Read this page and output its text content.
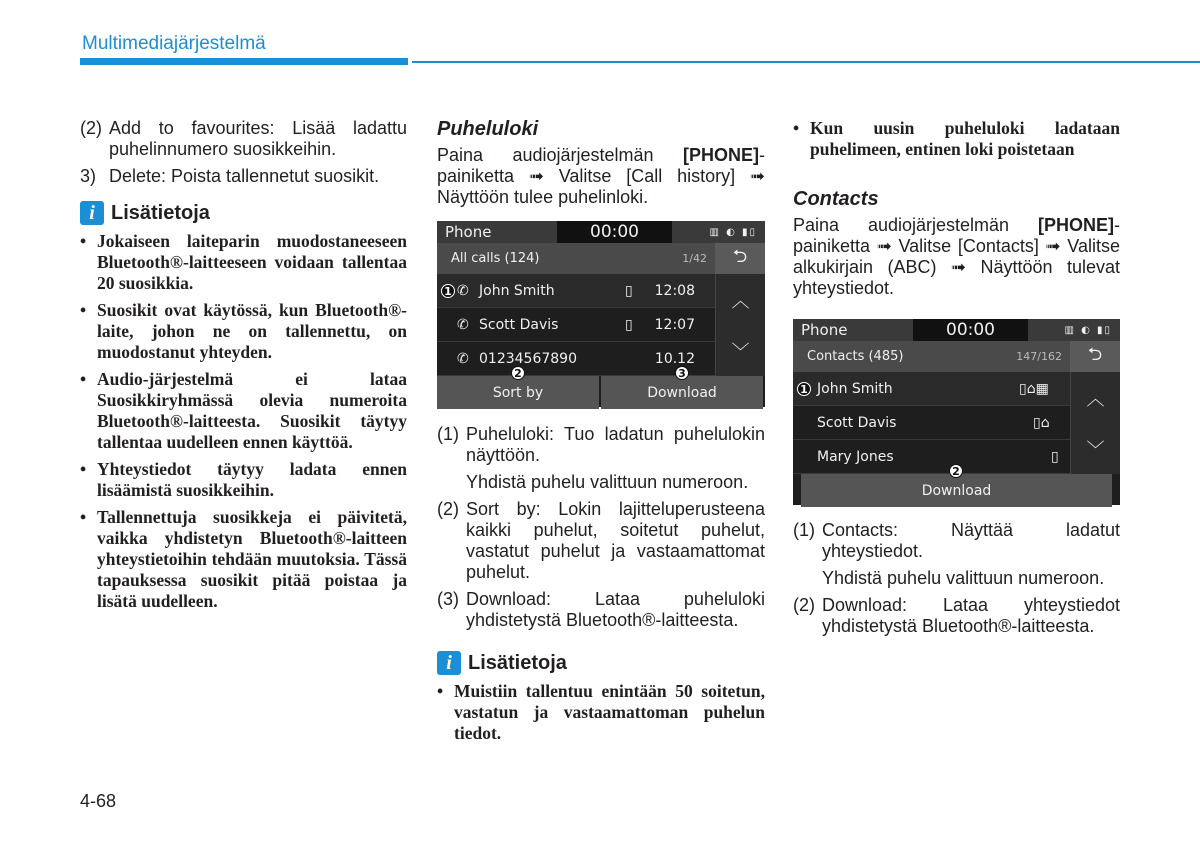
Multimediajärjestelmä
(2) Add to favourites: Lisää ladattu puhelinnumero suosikkeihin.
3) Delete: Poista tallennetut suosikit.
i Lisätietoja
• Jokaiseen laiteparin muodostaneeseen Bluetooth®-laitteeseen voidaan tallentaa 20 suosikkia.
• Suosikit ovat käytössä, kun Bluetooth®-laite, johon ne on tallennettu, on muodostanut yhteyden.
• Audio-järjestelmä ei lataa Suosikkiryhmässä olevia numeroita Bluetooth®-laitteesta. Suosikit täytyy tallentaa uudelleen ennen käyttöä.
• Yhteystiedot täytyy ladata ennen lisäämistä suosikkeihin.
• Tallennettuja suosikkeja ei päivitetä, vaikka yhdistetyn Bluetooth®-laitteen yhteystietoihin tehdään muutoksia. Tässä tapauksessa suosikit pitää poistaa ja lisätä uudelleen.
Puheluloki
Paina audiojärjestelmän [PHONE]-painiketta ➟ Valitse [Call history] ➟ Näyttöön tulee puhelinloki.
Phone	00:00	▥ ◐ ▮▯
All calls (124)	1/42	⮌
1 ✆ John Smith	▯ 12:08
✆ Scott Davis	▯ 12:07
✆ 01234567890	10.12
︿
﹀
2
Sort by
3
Download
(1) Puheluloki: Tuo ladatun puhelulokin näyttöön.
Yhdistä puhelu valittuun numeroon.
(2) Sort by: Lokin lajitteluperusteena kaikki puhelut, soitetut puhelut, vastatut puhelut ja vastaamattomat puhelut.
(3) Download: Lataa puheluloki yhdistetystä Bluetooth®-laitteesta.
i Lisätietoja
• Muistiin tallentuu enintään 50 soitetun, vastatun ja vastaamattoman puhelun tiedot.
• Kun uusin puheluloki ladataan puhelimeen, entinen loki poistetaan
Contacts
Paina audiojärjestelmän [PHONE]-painiketta ➟ Valitse [Contacts] ➟ Valitse alkukirjain (ABC) ➟ Näyttöön tulevat yhteystiedot.
Phone	00:00	▥ ◐ ▮▯
Contacts (485)	147/162	⮌
1 John Smith	▯⌂▦
Scott Davis	▯⌂
Mary Jones	▯
︿
﹀
2
Download
(1) Contacts: Näyttää ladatut yhteystiedot.
Yhdistä puhelu valittuun numeroon.
(2) Download: Lataa yhteystiedot yhdistetystä Bluetooth®-laitteesta.
4-68
